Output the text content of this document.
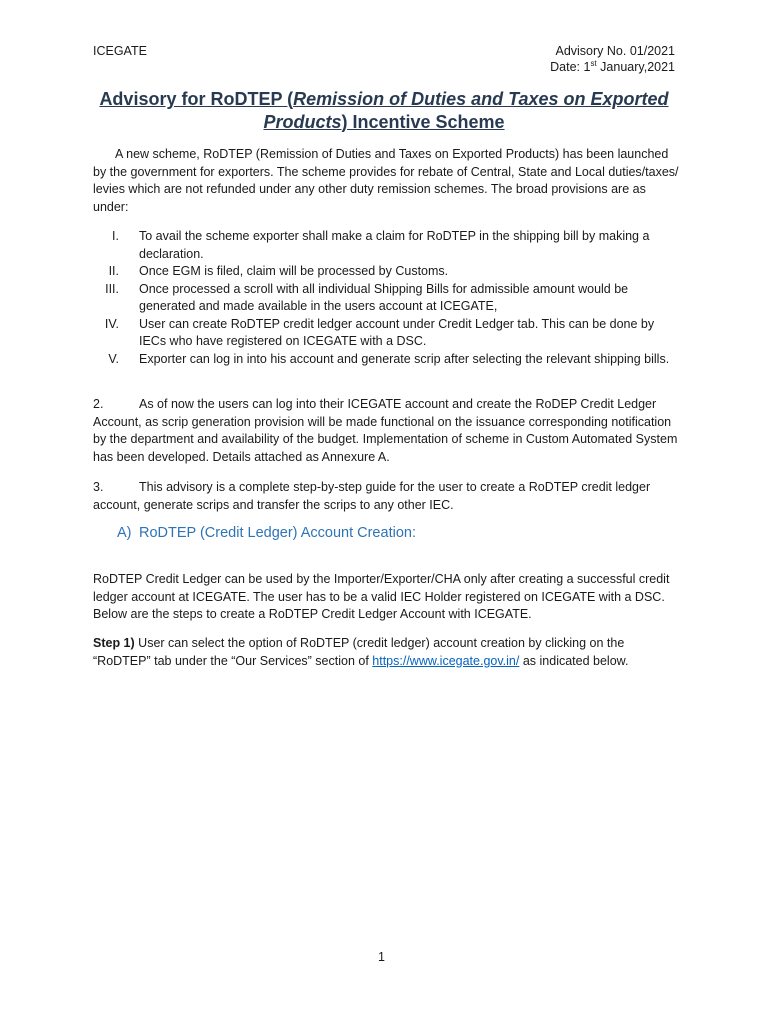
ICEGATE	Advisory No. 01/2021
Date: 1st January,2021
Advisory for RoDTEP (Remission of Duties and Taxes on Exported Products) Incentive Scheme
A new scheme, RoDTEP (Remission of Duties and Taxes on Exported Products) has been launched by the government for exporters. The scheme provides for rebate of Central, State and Local duties/taxes/ levies which are not refunded under any other duty remission schemes. The broad provisions are as under:
I. To avail the scheme exporter shall make a claim for RoDTEP in the shipping bill by making a declaration.
II. Once EGM is filed, claim will be processed by Customs.
III. Once processed a scroll with all individual Shipping Bills for admissible amount would be generated and made available in the users account at ICEGATE,
IV. User can create RoDTEP credit ledger account under Credit Ledger tab. This can be done by IECs who have registered on ICEGATE with a DSC.
V. Exporter can log in into his account and generate scrip after selecting the relevant shipping bills.
2.	As of now the users can log into their ICEGATE account and create the RoDEP Credit Ledger Account, as scrip generation provision will be made functional on the issuance corresponding notification by the department and availability of the budget. Implementation of scheme in Custom Automated System has been developed. Details attached as Annexure A.
3.	This advisory is a complete step-by-step guide for the user to create a RoDTEP credit ledger account, generate scrips and transfer the scrips to any other IEC.
A) RoDTEP (Credit Ledger) Account Creation:
RoDTEP Credit Ledger can be used by the Importer/Exporter/CHA only after creating a successful credit ledger account at ICEGATE. The user has to be a valid IEC Holder registered on ICEGATE with a DSC. Below are the steps to create a RoDTEP Credit Ledger Account with ICEGATE.
Step 1) User can select the option of RoDTEP (credit ledger) account creation by clicking on the “RoDTEP” tab under the “Our Services” section of https://www.icegate.gov.in/ as indicated below.
1
